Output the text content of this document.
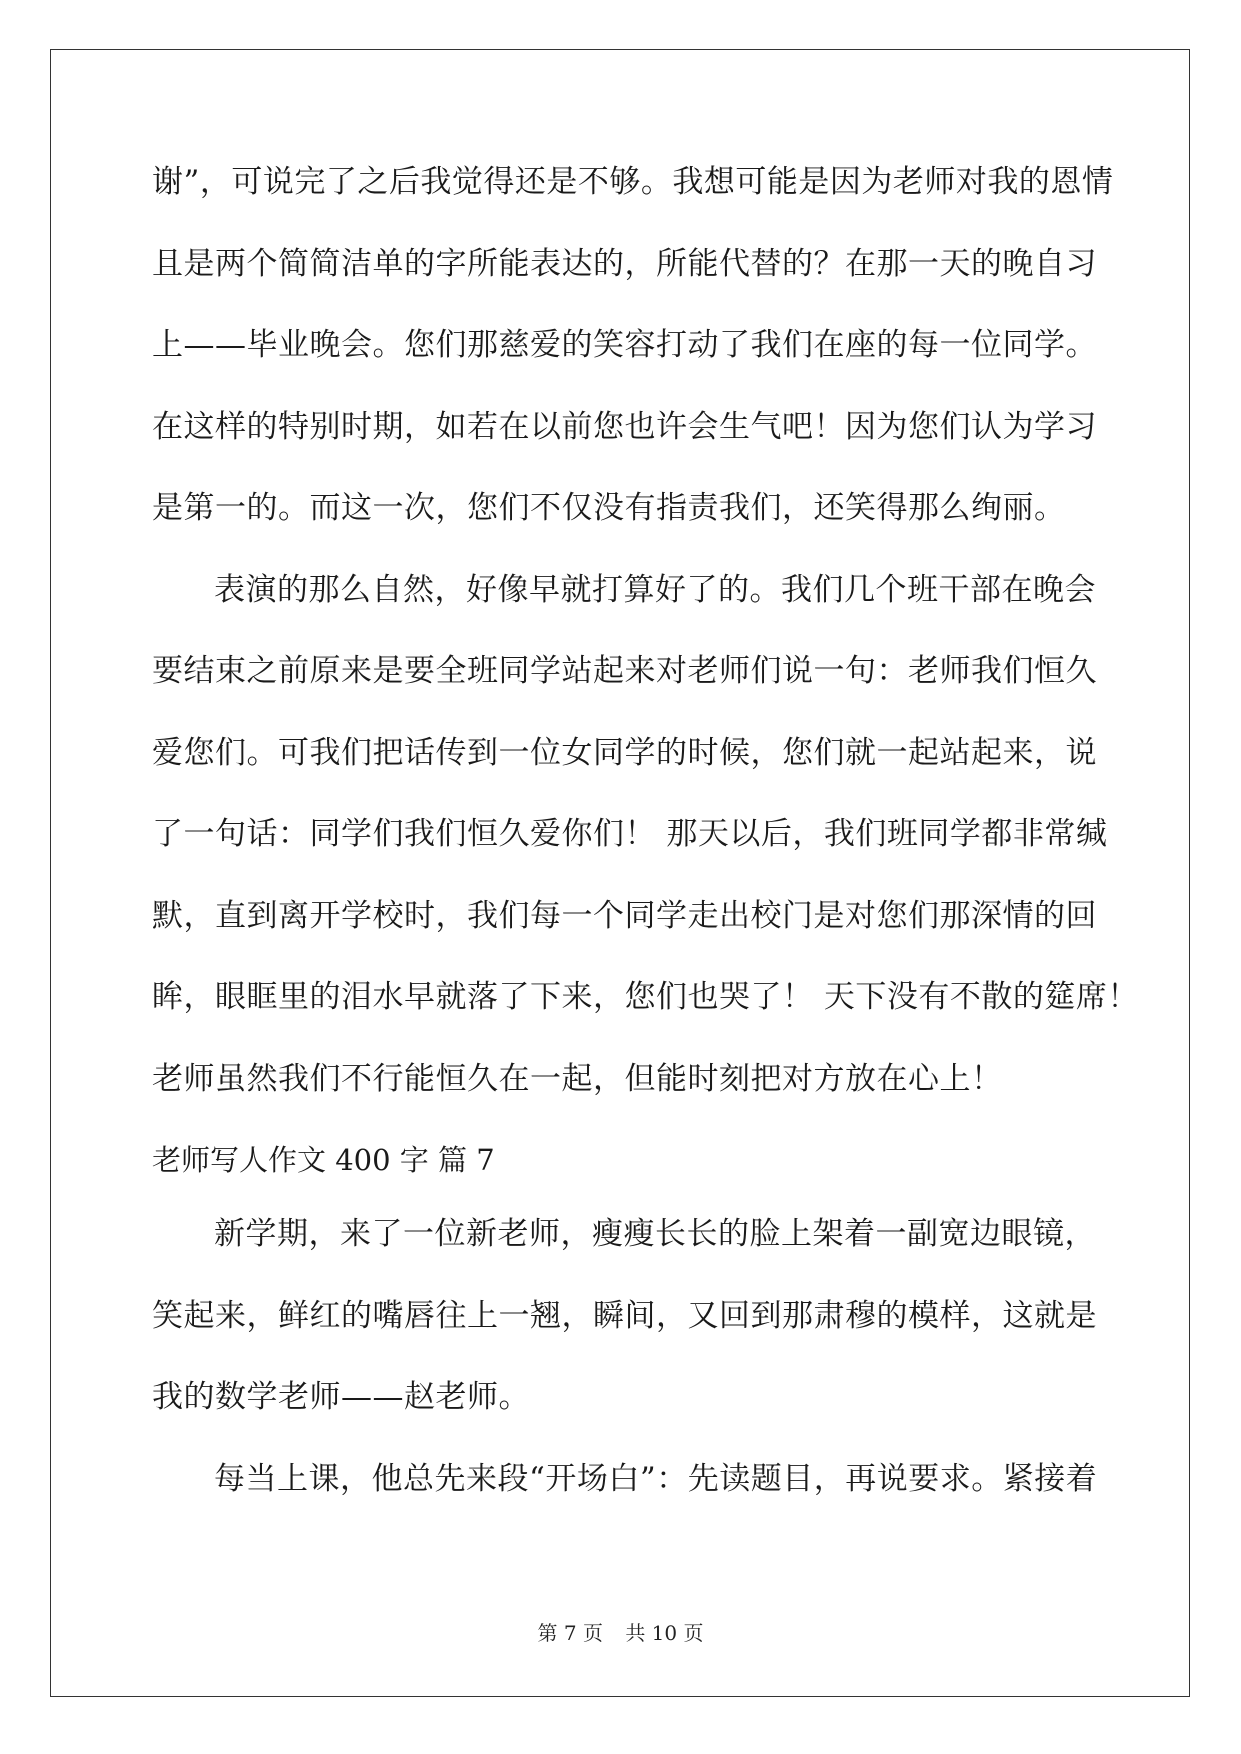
谢”，可说完了之后我觉得还是不够。我想可能是因为老师对我的恩情
且是两个简简洁单的字所能表达的，所能代替的？在那一天的晚自习
上——毕业晚会。您们那慈爱的笑容打动了我们在座的每一位同学。
在这样的特别时期，如若在以前您也许会生气吧！因为您们认为学习
是第一的。而这一次，您们不仅没有指责我们，还笑得那么绚丽。
表演的那么自然，好像早就打算好了的。我们几个班干部在晚会
要结束之前原来是要全班同学站起来对老师们说一句：老师我们恒久
爱您们。可我们把话传到一位女同学的时候，您们就一起站起来，说
了一句话：同学们我们恒久爱你们！ 那天以后，我们班同学都非常缄
默，直到离开学校时，我们每一个同学走出校门是对您们那深情的回
眸，眼眶里的泪水早就落了下来，您们也哭了！ 天下没有不散的筵席！
老师虽然我们不行能恒久在一起，但能时刻把对方放在心上！
老师写人作文 400 字 篇 7
新学期，来了一位新老师，瘦瘦长长的脸上架着一副宽边眼镜，
笑起来，鲜红的嘴唇往上一翘，瞬间，又回到那肃穆的模样，这就是
我的数学老师——赵老师。
每当上课，他总先来段“开场白”：先读题目，再说要求。紧接着
第 7 页 共 10 页
